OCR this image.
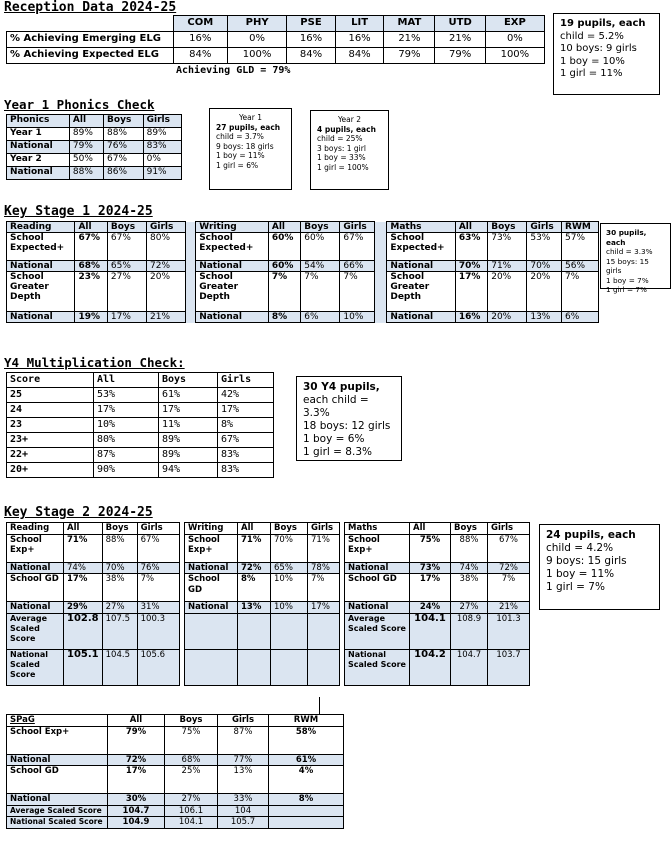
Reception Data 2024-25
	COM	PHY	PSE	LIT	MAT	UTD	EXP
% Achieving Emerging ELG	16%	0%	16%	16%	21%	21%	0%
% Achieving Expected ELG	84%	100%	84%	84%	79%	79%	100%
	Achieving GLD = 79%						
19 pupils, each
child = 5.2%
10 boys: 9 girls
1 boy = 10%
1 girl = 11%
Year 1 Phonics Check
Phonics	All	Boys	Girls
Year 1	89%	88%	89%
National	79%	76%	83%
Year 2	50%	67%	0%
National	88%	86%	91%
Year 1
27 pupils, each
child = 3.7%
9 boys: 18 girls
1 boy = 11%
1 girl = 6%
Year 2
4 pupils, each
child = 25%
3 boys: 1 girl
1 boy = 33%
1 girl = 100%
Key Stage 1 2024-25
Reading	All	Boys	Girls		Writing	All	Boys	Girls		Maths	All	Boys	Girls	RWM
School Expected+	67%	67%	80%		School Expected+	60%	60%	67%		School Expected+	63%	73%	53%	57%
National	68%	65%	72%		National	60%	54%	66%		National	70%	71%	70%	56%
School Greater Depth	23%	27%	20%		School Greater Depth	7%	7%	7%		School Greater Depth	17%	20%	20%	7%
National	19%	17%	21%		National	8%	6%	10%		National	16%	20%	13%	6%
30 pupils, each
child = 3.3%
15 boys: 15 girls
1 boy = 7%
1 girl = 7%
Y4 Multiplication Check:
Score	All	Boys	Girls
25	53%	61%	42%
24	17%	17%	17%
23	10%	11%	8%
23+	80%	89%	67%
22+	87%	89%	83%
20+	90%	94%	83%
30 Y4 pupils,
each child = 3.3%
18 boys: 12 girls
1 boy = 6%
1 girl = 8.3%
Key Stage 2 2024-25
Reading	All	Boys	Girls
School Exp+	71%	88%	67%
National	74%	70%	76%
School GD	17%	38%	7%
National	29%	27%	31%
Average Scaled Score	102.8	107.5	100.3
National Scaled Score	105.1	104.5	105.6
Writing	All	Boys	Girls
School Exp+	71%	70%	71%
National	72%	65%	78%
School GD	8%	10%	7%
National	13%	10%	17%

Maths	All	Boys	Girls
School Exp+	75%	88%	67%
National	73%	74%	72%
School GD	17%	38%	7%
National	24%	27%	21%
Average Scaled Score	104.1	108.9	101.3
National Scaled Score	104.2	104.7	103.7
24 pupils, each
child = 4.2%
9 boys: 15 girls
1 boy = 11%
1 girl = 7%
SPaG	All	Boys	Girls	RWM
School Exp+	79%	75%	87%	58%
National	72%	68%	77%	61%
School GD	17%	25%	13%	4%
National	30%	27%	33%	8%
Average Scaled Score	104.7	106.1	104	
National Scaled Score	104.9	104.1	105.7	
